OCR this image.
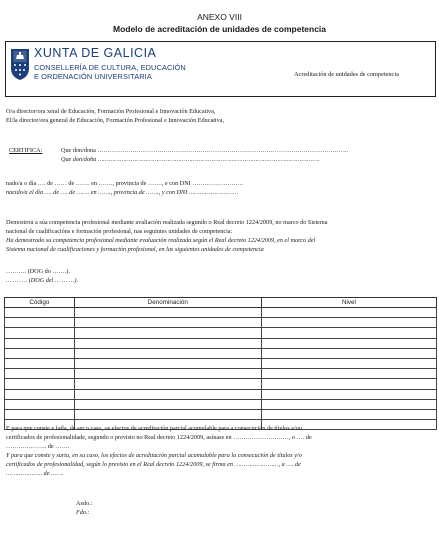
ANEXO VIII
Modelo de acreditación de unidades de competencia
XUNTA DE GALICIA
CONSELLERÍA DE CULTURA, EDUCACIÓN
E ORDENACIÓN UNIVERSITARIA	Acreditación de unidades de competencia
O/a director/ora xeral de Educación, Formación Profesional e Innovación Educativa,
El/la director/ora general de Educación, Formación Profesional e Innovación Educativa,
CERTIFICA:	Que don/dona …………………………………………………………………………………………………………..
Que don/doña ………………………………………………………………………………………………………….
nado/a o día …. de …… de ……. en ……., provincia de ……., e con DNI …………………….
nacido/a el día …. de …. de ……. en ……., provincia de ……., y con DNI ………………………
Demostrou a súa competencia profesional mediante avaliación realizada segundo o Real decreto 1224/2009, no marco do Sistema
nacional de cualificacións e formación profesional, nas seguintes unidades de competencia:
Ha demostrado su competencia profesional mediante evaluación realizada según el Real decreto 1224/2009, en el marco del
Sistema nacional de cualificaciones y formación profesional, en las siguientes unidades de competencia
………. (DOG do …….).
… … …. (DOG del … … …).
Código	Denominación	Nivel

E para que conste e fatla, de ser o caso, os efectos de acreditación parcial acumulable para a consecución de títulos e/ou
certificados de profesionalidade, segundo o previsto no Real decreto 1224/2009, asínase en ………………………, o …. de
……………….. de …….
Y para que conste y surta, en su caso, los efectos de acreditación parcial acumulable para la consecución de títulos y/o
certificados de profesionalidad, según lo previsto en el Real decreto 1224/2009, se firma en ……………………, a …. de
……………….. de …….
Asdo.:
Fdo.:
